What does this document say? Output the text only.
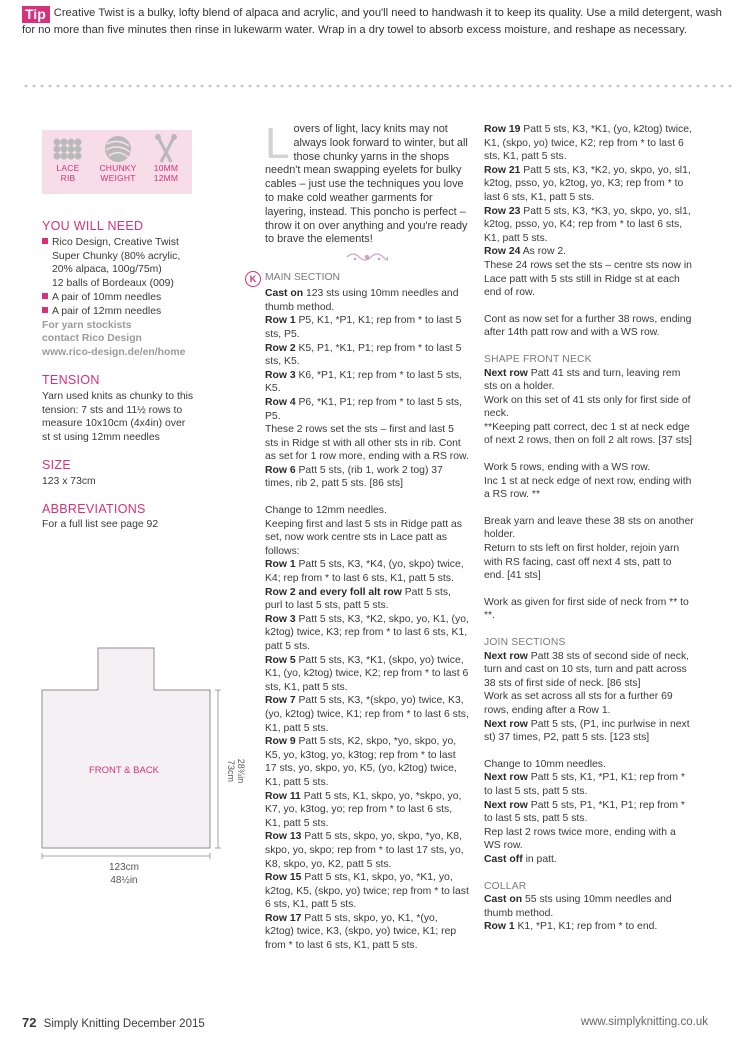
Tip Creative Twist is a bulky, lofty blend of alpaca and acrylic, and you'll need to handwash it to keep its quality. Use a mild detergent, wash for no more than five minutes then rinse in lukewarm water. Wrap in a dry towel to absorb excess moisture, and reshape as necessary.
LACE
RIB
CHUNKY
WEIGHT
10MM
12MM
YOU WILL NEED
Rico Design, Creative Twist
Super Chunky (80% acrylic,
20% alpaca, 100g/75m)
12 balls of Bordeaux (009)
A pair of 10mm needles
A pair of 12mm needles
For yarn stockists
contact Rico Design
www.rico-design.de/en/home
TENSION
Yarn used knits as chunky to this
tension: 7 sts and 11½ rows to
measure 10x10cm (4x4in) over
st st using 12mm needles
SIZE
123 x 73cm
ABBREVIATIONS
For a full list see page 92
FRONT & BACK	73cm 28¾in
123cm
48½in

Lovers of light, lacy knits may not always look forward to winter, but all those chunky yarns in the shops needn't mean swapping eyelets for bulky cables – just use the techniques you love to make cold weather garments for layering, instead. This poncho is perfect – throw it on over anything and you're ready to brave the elements!

K MAIN SECTION

Cast on 123 sts using 10mm needles and thumb method.

Row 1 P5, K1, *P1, K1; rep from * to last 5 sts, P5.

Row 2 K5, P1, *K1, P1; rep from * to last 5 sts, K5.

Row 3 K6, *P1, K1; rep from * to last 5 sts, K5.

Row 4 P6, *K1, P1; rep from * to last 5 sts, P5.

These 2 rows set the sts – first and last 5 sts in Ridge st with all other sts in rib. Cont as set for 1 row more, ending with a RS row.

Row 6 Patt 5 sts, (rib 1, work 2 tog) 37 times, rib 2, patt 5 sts. [86 sts]

Change to 12mm needles.

Keeping first and last 5 sts in Ridge patt as set, now work centre sts in Lace patt as follows:

Row 1 Patt 5 sts, K3, *K4, (yo, skpo) twice, K4; rep from * to last 6 sts, K1, patt 5 sts.

Row 2 and every foll alt row Patt 5 sts, purl to last 5 sts, patt 5 sts.

Row 3 Patt 5 sts, K3, *K2, skpo, yo, K1, (yo, k2tog) twice, K3; rep from * to last 6 sts, K1, patt 5 sts.

Row 5 Patt 5 sts, K3, *K1, (skpo, yo) twice, K1, (yo, k2tog) twice, K2; rep from * to last 6 sts, K1, patt 5 sts.

Row 7 Patt 5 sts, K3, *(skpo, yo) twice, K3, (yo, k2tog) twice, K1; rep from * to last 6 sts, K1, patt 5 sts.

Row 9 Patt 5 sts, K2, skpo, *yo, skpo, yo, K5, yo, k3tog, yo, k3tog; rep from * to last 17 sts, yo, skpo, yo, K5, (yo, k2tog) twice, K1, patt 5 sts.

Row 11 Patt 5 sts, K1, skpo, yo, *skpo, yo, K7, yo, k3tog, yo; rep from * to last 6 sts, K1, patt 5 sts.

Row 13 Patt 5 sts, skpo, yo, skpo, *yo, K8, skpo, yo, skpo; rep from * to last 17 sts, yo, K8, skpo, yo, K2, patt 5 sts.

Row 15 Patt 5 sts, K1, skpo, yo, *K1, yo, k2tog, K5, (skpo, yo) twice; rep from * to last 6 sts, K1, patt 5 sts.

Row 17 Patt 5 sts, skpo, yo, K1, *(yo, k2tog) twice, K3, (skpo, yo) twice, K1; rep from * to last 6 sts, K1, patt 5 sts.

Row 19 Patt 5 sts, K3, *K1, (yo, k2tog) twice, K1, (skpo, yo) twice, K2; rep from * to last 6 sts, K1, patt 5 sts.

Row 21 Patt 5 sts, K3, *K2, yo, skpo, yo, sl1, k2tog, psso, yo, k2tog, yo, K3; rep from * to last 6 sts, K1, patt 5 sts.

Row 23 Patt 5 sts, K3, *K3, yo, skpo, yo, sl1, k2tog, psso, yo, K4; rep from * to last 6 sts, K1, patt 5 sts.

Row 24 As row 2.

These 24 rows set the sts – centre sts now in Lace patt with 5 sts still in Ridge st at each end of row.

Cont as now set for a further 38 rows, ending after 14th patt row and with a WS row.

SHAPE FRONT NECK

Next row Patt 41 sts and turn, leaving rem sts on a holder.

Work on this set of 41 sts only for first side of neck.

**Keeping patt correct, dec 1 st at neck edge of next 2 rows, then on foll 2 alt rows. [37 sts]

Work 5 rows, ending with a WS row.

Inc 1 st at neck edge of next row, ending with a RS row. **

Break yarn and leave these 38 sts on another holder.

Return to sts left on first holder, rejoin yarn with RS facing, cast off next 4 sts, patt to end. [41 sts]

Work as given for first side of neck from ** to **.

JOIN SECTIONS

Next row Patt 38 sts of second side of neck, turn and cast on 10 sts, turn and patt across 38 sts of first side of neck. [86 sts]

Work as set across all sts for a further 69 rows, ending after a Row 1.

Next row Patt 5 sts, (P1, inc purlwise in next st) 37 times, P2, patt 5 sts. [123 sts]

Change to 10mm needles.

Next row Patt 5 sts, K1, *P1, K1; rep from * to last 5 sts, patt 5 sts.

Next row Patt 5 sts, P1, *K1, P1; rep from * to last 5 sts, patt 5 sts.

Rep last 2 rows twice more, ending with a WS row.

Cast off in patt.

COLLAR

Cast on 55 sts using 10mm needles and thumb method.

Row 1 K1, *P1, K1; rep from * to end.

72 Simply Knitting December 2015	www.simplyknitting.co.uk
